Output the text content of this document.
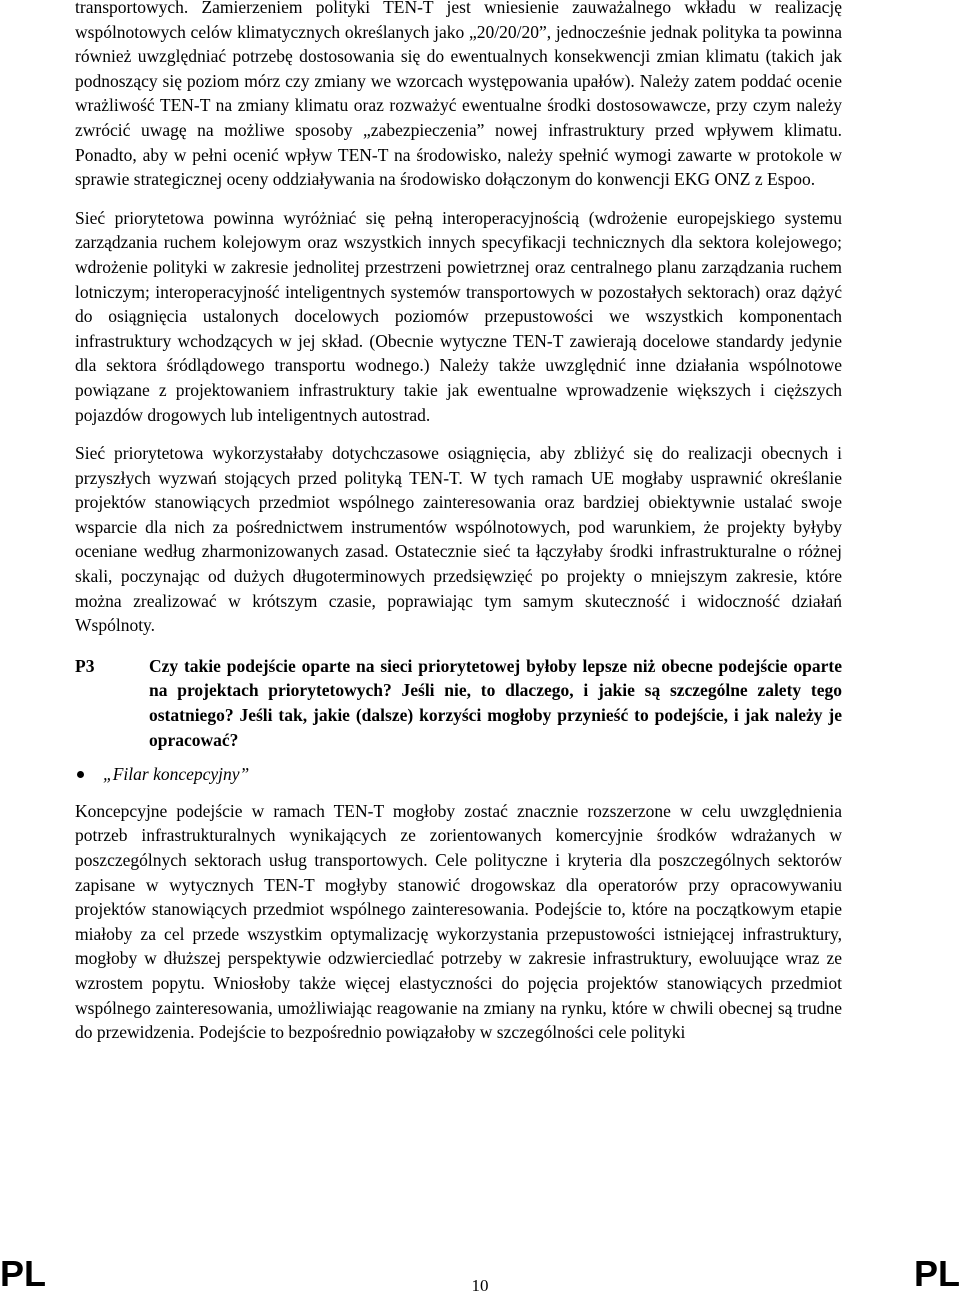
transportowych. Zamierzeniem polityki TEN-T jest wniesienie zauważalnego wkładu w realizację wspólnotowych celów klimatycznych określanych jako „20/20/20”, jednocześnie jednak polityka ta powinna również uwzględniać potrzebę dostosowania się do ewentualnych konsekwencji zmian klimatu (takich jak podnoszący się poziom mórz czy zmiany we wzorcach występowania upałów). Należy zatem poddać ocenie wrażliwość TEN-T na zmiany klimatu oraz rozważyć ewentualne środki dostosowawcze, przy czym należy zwrócić uwagę na możliwe sposoby „zabezpieczenia” nowej infrastruktury przed wpływem klimatu. Ponadto, aby w pełni ocenić wpływ TEN-T na środowisko, należy spełnić wymogi zawarte w protokole w sprawie strategicznej oceny oddziaływania na środowisko dołączonym do konwencji EKG ONZ z Espoo.

Sieć priorytetowa powinna wyróżniać się pełną interoperacyjnością (wdrożenie europejskiego systemu zarządzania ruchem kolejowym oraz wszystkich innych specyfikacji technicznych dla sektora kolejowego; wdrożenie polityki w zakresie jednolitej przestrzeni powietrznej oraz centralnego planu zarządzania ruchem lotniczym; interoperacyjność inteligentnych systemów transportowych w pozostałych sektorach) oraz dążyć do osiągnięcia ustalonych docelowych poziomów przepustowości we wszystkich komponentach infrastruktury wchodzących w jej skład. (Obecnie wytyczne TEN-T zawierają docelowe standardy jedynie dla sektora śródlądowego transportu wodnego.) Należy także uwzględnić inne działania wspólnotowe powiązane z projektowaniem infrastruktury takie jak ewentualne wprowadzenie większych i cięższych pojazdów drogowych lub inteligentnych autostrad.

Sieć priorytetowa wykorzystałaby dotychczasowe osiągnięcia, aby zbliżyć się do realizacji obecnych i przyszłych wyzwań stojących przed polityką TEN-T. W tych ramach UE mogłaby usprawnić określanie projektów stanowiących przedmiot wspólnego zainteresowania oraz bardziej obiektywnie ustalać swoje wsparcie dla nich za pośrednictwem instrumentów wspólnotowych, pod warunkiem, że projekty byłyby oceniane według zharmonizowanych zasad. Ostatecznie sieć ta łączyłaby środki infrastrukturalne o różnej skali, poczynając od dużych długoterminowych przedsięwzięć po projekty o mniejszym zakresie, które można zrealizować w krótszym czasie, poprawiając tym samym skuteczność i widoczność działań Wspólnoty.

P3	Czy takie podejście oparte na sieci priorytetowej byłoby lepsze niż obecne podejście oparte na projektach priorytetowych? Jeśli nie, to dlaczego, i jakie są szczególne zalety tego ostatniego? Jeśli tak, jakie (dalsze) korzyści mogłoby przynieść to podejście, i jak należy je opracować?
„Filar koncepcyjny”

Koncepcyjne podejście w ramach TEN-T mogłoby zostać znacznie rozszerzone w celu uwzględnienia potrzeb infrastrukturalnych wynikających ze zorientowanych komercyjnie środków wdrażanych w poszczególnych sektorach usług transportowych. Cele polityczne i kryteria dla poszczególnych sektorów zapisane w wytycznych TEN-T mogłyby stanowić drogowskaz dla operatorów przy opracowywaniu projektów stanowiących przedmiot wspólnego zainteresowania. Podejście to, które na początkowym etapie miałoby za cel przede wszystkim optymalizację wykorzystania przepustowości istniejącej infrastruktury, mogłoby w dłuższej perspektywie odzwierciedlać potrzeby w zakresie infrastruktury, ewoluujące wraz ze wzrostem popytu. Wniosłoby także więcej elastyczności do pojęcia projektów stanowiących przedmiot wspólnego zainteresowania, umożliwiając reagowanie na zmiany na rynku, które w chwili obecnej są trudne do przewidzenia. Podejście to bezpośrednio powiązałoby w szczególności cele polityki

PL	10	PL
